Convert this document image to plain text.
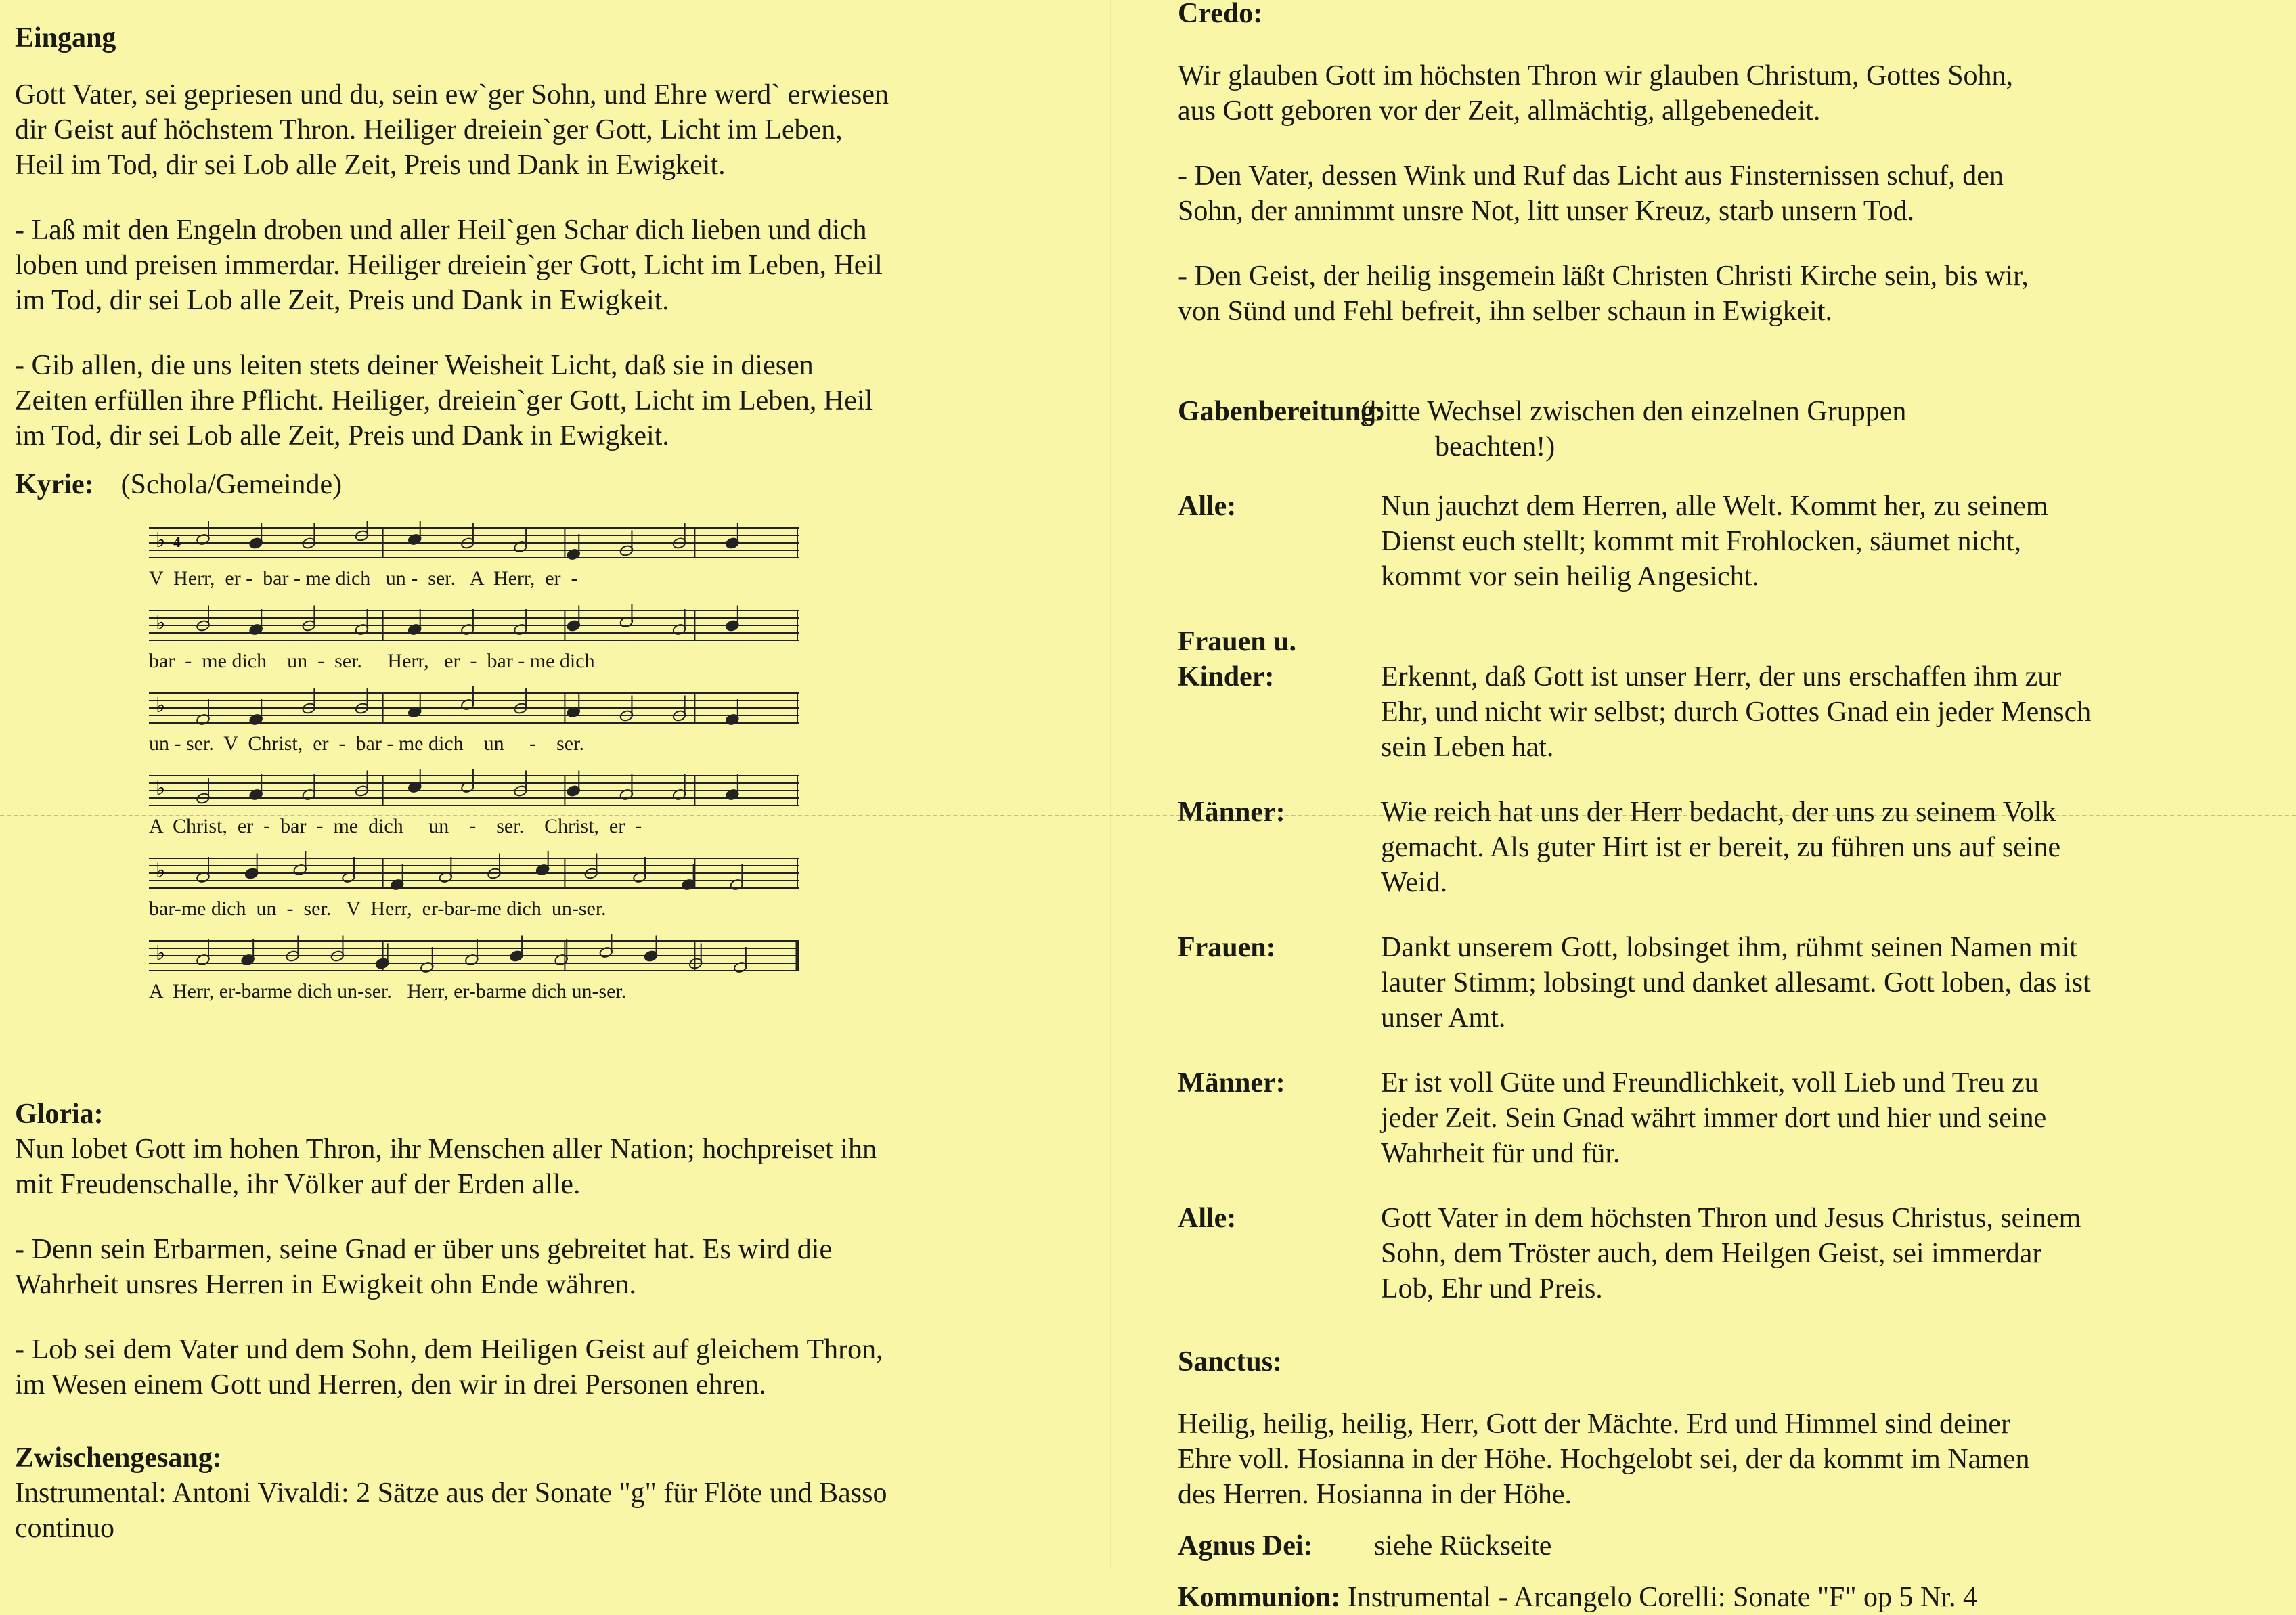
Eingang

Gott Vater, sei gepriesen und du, sein ew`ger Sohn, und Ehre werd` erwiesen
dir Geist auf höchstem Thron. Heiliger dreiein`ger Gott, Licht im Leben,
Heil im Tod, dir sei Lob alle Zeit, Preis und Dank in Ewigkeit.

- Laß mit den Engeln droben und aller Heil`gen Schar dich lieben und dich
loben und preisen immerdar. Heiliger dreiein`ger Gott, Licht im Leben, Heil
im Tod, dir sei Lob alle Zeit, Preis und Dank in Ewigkeit.

- Gib allen, die uns leiten stets deiner Weisheit Licht, daß sie in diesen
Zeiten erfüllen ihre Pflicht. Heiliger, dreiein`ger Gott, Licht im Leben, Heil
im Tod, dir sei Lob alle Zeit, Preis und Dank in Ewigkeit.

Kyrie: (Schola/Gemeinde)

♭ 4
V  Herr,  er -  bar - me dich   un -  ser.   A  Herr,  er  -
♭
bar  -  me dich    un  -  ser.     Herr,   er  -  bar - me dich
♭
un - ser.  V  Christ,  er  -  bar - me dich    un     -    ser.
♭
A  Christ,  er  -  bar  -  me  dich     un    -    ser.    Christ,  er  -
♭
bar-me dich  un  -  ser.   V  Herr,  er-bar-me dich  un-ser.
♭
A  Herr, er-barme dich un-ser.   Herr, er-barme dich un-ser.

Gloria:

Nun lobet Gott im hohen Thron, ihr Menschen aller Nation; hochpreiset ihn
mit Freudenschalle, ihr Völker auf der Erden alle.

- Denn sein Erbarmen, seine Gnad er über uns gebreitet hat. Es wird die
Wahrheit unsres Herren in Ewigkeit ohn Ende währen.

- Lob sei dem Vater und dem Sohn, dem Heiligen Geist auf gleichem Thron,
im Wesen einem Gott und Herren, den wir in drei Personen ehren.

Zwischengesang:

Instrumental: Antoni Vivaldi: 2 Sätze aus der Sonate "g" für Flöte und Basso
continuo

Credo:

Wir glauben Gott im höchsten Thron wir glauben Christum, Gottes Sohn,
aus Gott geboren vor der Zeit, allmächtig, allgebenedeit.

- Den Vater, dessen Wink und Ruf das Licht aus Finsternissen schuf, den
Sohn, der annimmt unsre Not, litt unser Kreuz, starb unsern Tod.

- Den Geist, der heilig insgemein läßt Christen Christi Kirche sein, bis wir,
von Sünd und Fehl befreit, ihn selber schaun in Ewigkeit.

Gabenbereitung:
(bitte Wechsel zwischen den einzelnen Gruppen
beachten!)
Alle:	Nun jauchzt dem Herren, alle Welt. Kommt her, zu seinem
Dienst euch stellt; kommt mit Frohlocken, säumet nicht,
kommt vor sein heilig Angesicht.
Frauen u.
Kinder:	Erkennt, daß Gott ist unser Herr, der uns erschaffen ihm zur
Ehr, und nicht wir selbst; durch Gottes Gnad ein jeder Mensch
sein Leben hat.
Männer:	Wie reich hat uns der Herr bedacht, der uns zu seinem Volk
gemacht. Als guter Hirt ist er bereit, zu führen uns auf seine
Weid.
Frauen:	Dankt unserem Gott, lobsinget ihm, rühmt seinen Namen mit
lauter Stimm; lobsingt und danket allesamt. Gott loben, das ist
unser Amt.
Männer:	Er ist voll Güte und Freundlichkeit, voll Lieb und Treu zu
jeder Zeit. Sein Gnad währt immer dort und hier und seine
Wahrheit für und für.
Alle:	Gott Vater in dem höchsten Thron und Jesus Christus, seinem
Sohn, dem Tröster auch, dem Heilgen Geist, sei immerdar
Lob, Ehr und Preis.

Sanctus:

Heilig, heilig, heilig, Herr, Gott der Mächte. Erd und Himmel sind deiner
Ehre voll. Hosianna in der Höhe. Hochgelobt sei, der da kommt im Namen
des Herren. Hosianna in der Höhe.

Agnus Dei: siehe Rückseite

Kommunion: Instrumental - Arcangelo Corelli: Sonate "F" op 5 Nr. 4
